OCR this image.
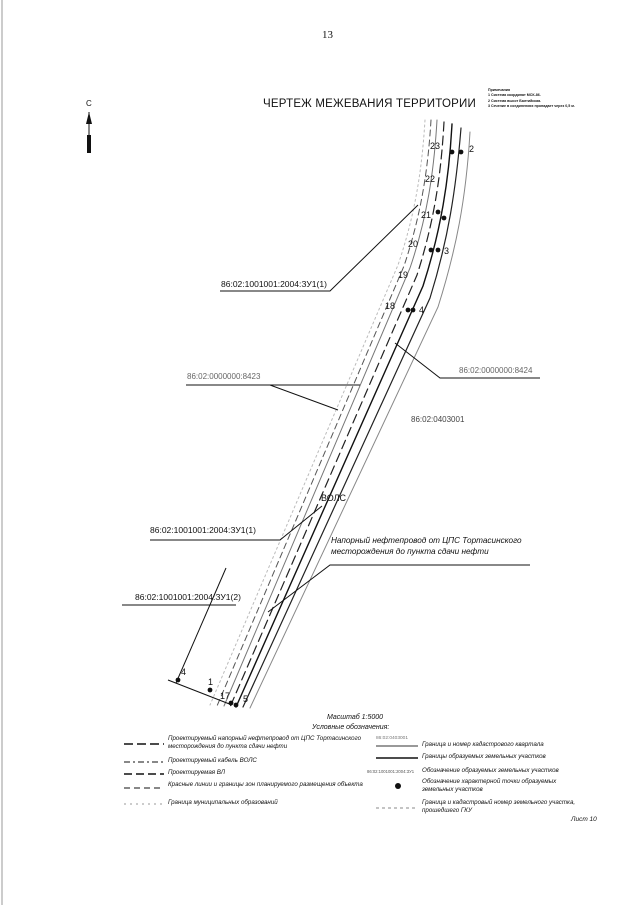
13
ЧЕРТЕЖ МЕЖЕВАНИЯ ТЕРРИТОРИИ
Примечания
1 Система координат МСК-86.
2 Система высот Балтийская.
3 Сечение в соединениях пропадает через 0,5 м.
С
23	2
22
21
20
3
19
18	4
4
1
17 5
86:02:1001001:2004:ЗУ1(1)
86:02:0000000:8423
86:02:0000000:8424
86:02:0403001
ВОЛС
86:02:1001001:2004:ЗУ1(1)
Напорный нефтепровод от ЦПС Тортасинского месторождения до пункта сдачи нефти
86:02:1001001:2004:ЗУ1(2)
Масштаб 1:5000
Условные обозначения:
Проектируемый напорный нефтепровод от ЦПС Тортасинского месторождения до пункта сдачи нефти
Проектируемый кабель ВОЛС
Проектируемая ВЛ
Красные линии и границы зон планируемого размещения объекта
Граница муниципальных образований
86:02:0403001
Граница и номер кадастрового квартала
Границы образуемых земельных участков
86:02:1001001:2004:ЗУ1 Обозначение образуемых земельных участков
Обозначение характерной точки образуемых земельных участков
Граница и кадастровый номер земельного участка, прошедшего ГКУ
Лист 10
